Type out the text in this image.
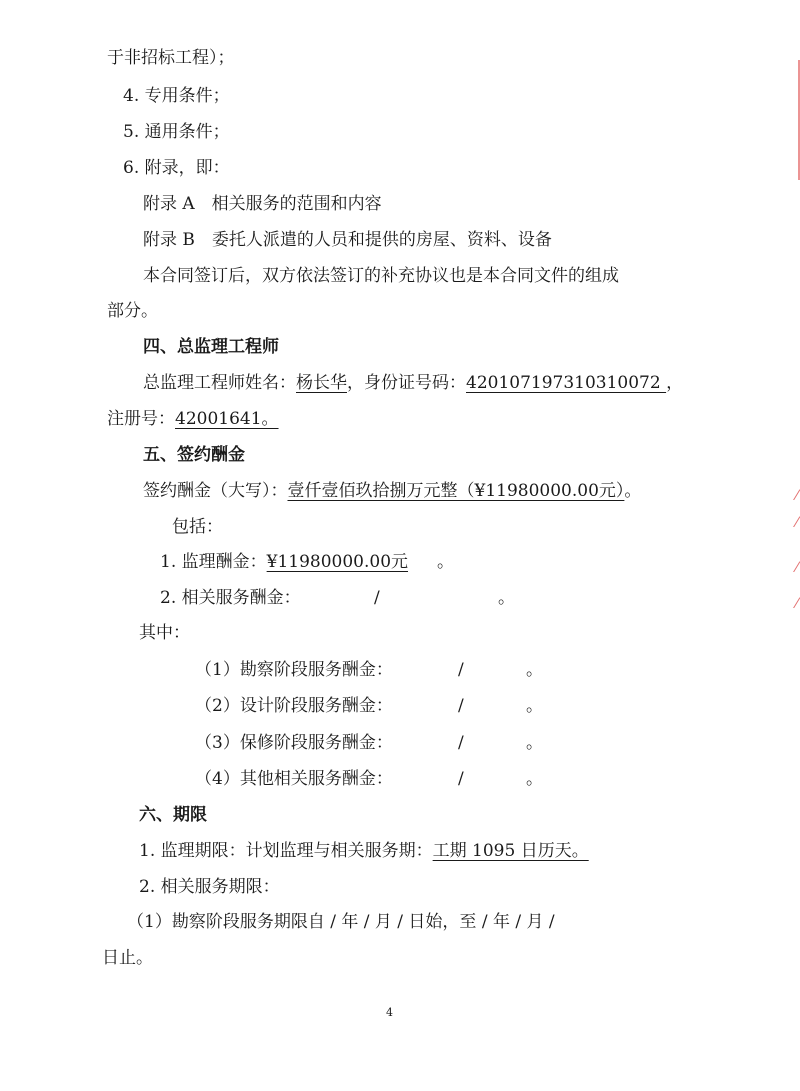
于非招标工程）；
4. 专用条件；
5. 通用条件；
6. 附录，即：
附录 A　相关服务的范围和内容
附录 B　委托人派遣的人员和提供的房屋、资料、设备
本合同签订后，双方依法签订的补充协议也是本合同文件的组成
部分。
四、总监理工程师
总监理工程师姓名：杨长华，身份证号码：420107197310310072 ，
注册号：42001641。
五、签约酬金
签约酬金（大写）：壹仟壹佰玖拾捌万元整（¥11980000.00元）。
包括：
1. 监理酬金：¥11980000.00元 。
2. 相关服务酬金：	/	。
其中：
（1）勘察阶段服务酬金：	/	。
（2）设计阶段服务酬金：	/	。
（3）保修阶段服务酬金：	/	。
（4）其他相关服务酬金：	/	。
六、期限
1. 监理期限：计划监理与相关服务期：工期 1095 日历天。
2. 相关服务期限：
（1）勘察阶段服务期限自 / 年 / 月 / 日始，至 / 年 / 月 /
日止。
4
⁄
⁄
⁄
⁄
